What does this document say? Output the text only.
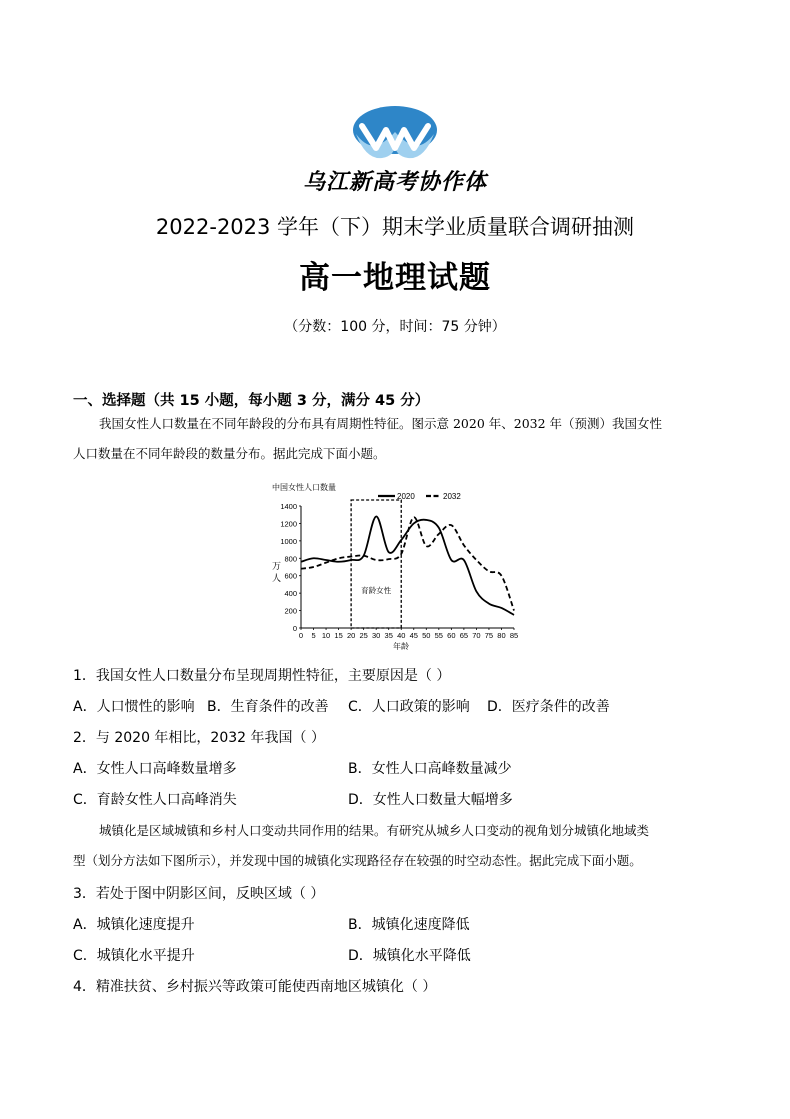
乌江新高考协作体
2022-2023 学年（下）期末学业质量联合调研抽测
高一地理试题
（分数：100 分，时间：75 分钟）
一、选择题（共 15 小题，每小题 3 分，满分 45 分）
我国女性人口数量在不同年龄段的分布具有周期性特征。图示意 2020 年、2032 年（预测）我国女性
人口数量在不同年龄段的数量分布。据此完成下面小题。
中国女性人口数量
2020	2032
万
人
年龄
0
200
400
600
800
1000
1200
1400
0 5 10 15 20 25 30 35 40 45 50 55 60 65 70 75 80 85
育龄女性
1．我国女性人口数量分布呈现周期性特征，主要原因是（ ）
A．人口惯性的影响 B．生育条件的改善 C．人口政策的影响 D．医疗条件的改善
2．与 2020 年相比，2032 年我国（ ）
A．女性人口高峰数量增多	B．女性人口高峰数量减少
C．育龄女性人口高峰消失	D．女性人口数量大幅增多
城镇化是区域城镇和乡村人口变动共同作用的结果。有研究从城乡人口变动的视角划分城镇化地域类
型（划分方法如下图所示），并发现中国的城镇化实现路径存在较强的时空动态性。据此完成下面小题。
3．若处于图中阴影区间，反映区域（ ）
A．城镇化速度提升	B．城镇化速度降低
C．城镇化水平提升	D．城镇化水平降低
4．精准扶贫、乡村振兴等政策可能使西南地区城镇化（ ）
